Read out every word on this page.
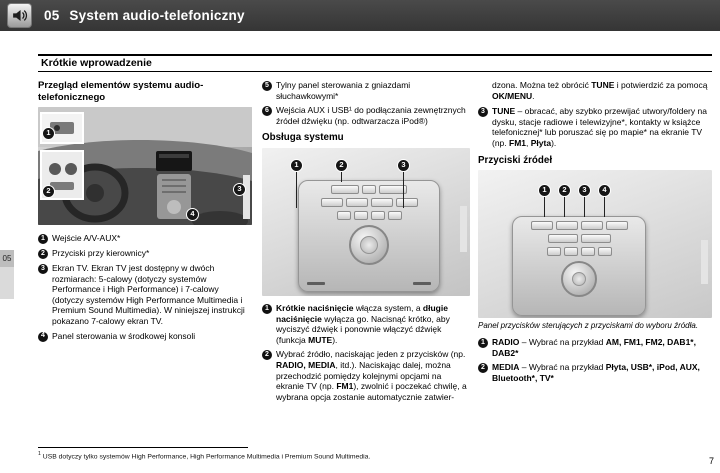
05 System audio-telefoniczny
Krótkie wprowadzenie
05
Przegląd elementów systemu audio-telefonicznego
1
2	3
4
1 Wejście A/V-AUX*
2 Przyciski przy kierownicy*
3 Ekran TV. Ekran TV jest dostępny w dwóch rozmiarach: 5-calowy (dotyczy systemów Performance i High Performance) i 7-calowy (dotyczy systemów High Performance Multimedia i Premium Sound Multimedia). W niniejszej instrukcji pokazano 7-calowy ekran TV.
4 Panel sterowania w środkowej konsoli
5 Tylny panel sterowania z gniazdami słuchawkowymi*
6 Wejścia AUX i USB¹ do podłączania zewnętrznych źródeł dźwięku (np. odtwarzacza iPod®)
Obsługa systemu
1	2	3
1 Krótkie naciśnięcie włącza system, a długie naciśnięcie wyłącza go. Nacisnąć krótko, aby wyciszyć dźwięk i ponownie włączyć dźwięk (funkcja MUTE).
2 Wybrać źródło, naciskając jeden z przycisków (np. RADIO, MEDIA, itd.). Naciskając dalej, można przechodzić pomiędzy kolejnymi opcjami na ekranie TV (np. FM1), zwolnić i poczekać chwilę, a wybrana opcja zostanie automatycznie zatwier-

dzona. Można też obrócić TUNE i potwierdzić za pomocą OK/MENU.

3 TUNE – obracać, aby szybko przewijać utwory/foldery na dysku, stacje radiowe i telewizyjne*, kontakty w książce telefonicznej* lub poruszać się po mapie* na ekranie TV (np. FM1, Płyta).
Przyciski źródeł
1	2	3	4
Panel przycisków sterujących z przyciskami do wyboru źródła.
1 RADIO – Wybrać na przykład AM, FM1, FM2, DAB1*, DAB2*
2 MEDIA – Wybrać na przykład Płyta, USB*, iPod, AUX, Bluetooth*, TV*
$^1$ USB dotyczy tylko systemów High Performance, High Performance Multimedia i Premium Sound Multimedia.	7
